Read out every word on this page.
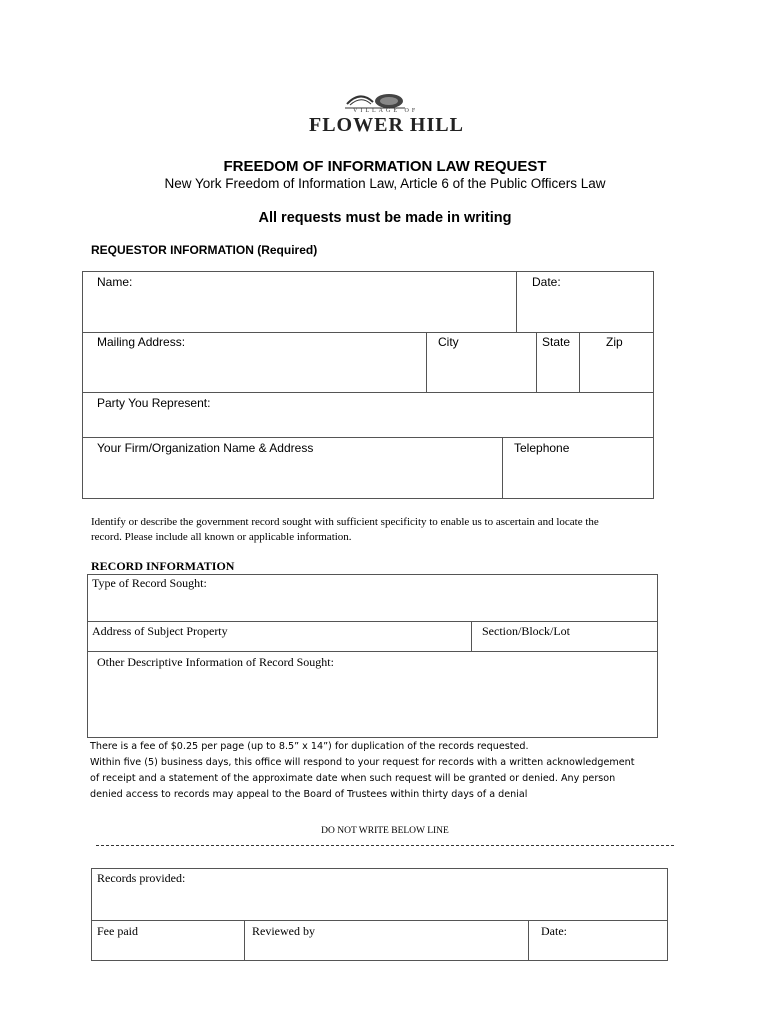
VILLAGE OF
FLOWER HILL
FREEDOM OF INFORMATION LAW REQUEST
New York Freedom of Information Law, Article 6 of the Public Officers Law
All requests must be made in writing
REQUESTOR INFORMATION (Required)
Name:	Date:
Mailing Address:	City	State	Zip
Party You Represent:
Your Firm/Organization Name & Address	Telephone
Identify or describe the government record sought with sufficient specificity to enable us to ascertain and locate the
record. Please include all known or applicable information.
RECORD INFORMATION
Type of Record Sought:
Address of Subject Property	Section/Block/Lot
Other Descriptive Information of Record Sought:
There is a fee of $0.25 per page (up to 8.5” x 14”) for duplication of the records requested.
Within five (5) business days, this office will respond to your request for records with a written acknowledgement
of receipt and a statement of the approximate date when such request will be granted or denied. Any person
denied access to records may appeal to the Board of Trustees within thirty days of a denial
DO NOT WRITE BELOW LINE
Records provided:
Fee paid	Reviewed by	Date:
